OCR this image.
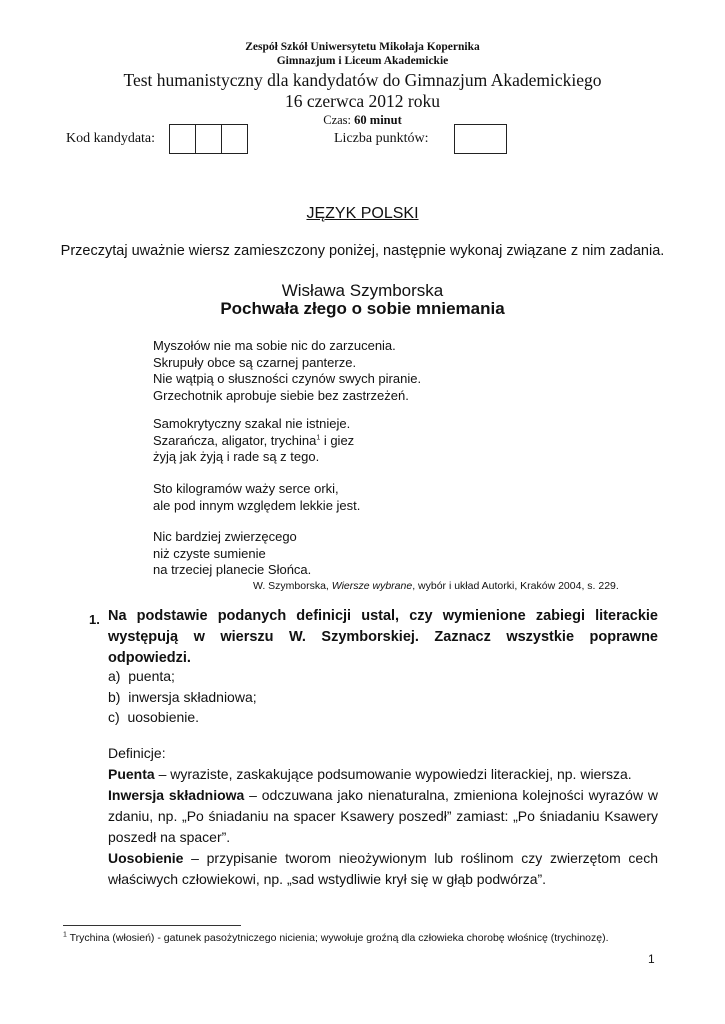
Zespół Szkół Uniwersytetu Mikołaja Kopernika
Gimnazjum i Liceum Akademickie
Test humanistyczny dla kandydatów do Gimnazjum Akademickiego
16 czerwca 2012 roku
Czas: 60 minut
Kod kandydata:	Liczba punktów:
JĘZYK POLSKI
Przeczytaj uważnie wiersz zamieszczony poniżej, następnie wykonaj związane z nim zadania.
Wisława Szymborska
Pochwała złego o sobie mniemania
Myszołów nie ma sobie nic do zarzucenia.
Skrupuły obce są czarnej panterze.
Nie wątpią o słuszności czynów swych piranie.
Grzechotnik aprobuje siebie bez zastrzeżeń.
Samokrytyczny szakal nie istnieje.
Szarańcza, aligator, trychina$^1$ i giez
żyją jak żyją i rade są z tego.
Sto kilogramów waży serce orki,
ale pod innym względem lekkie jest.
Nic bardziej zwierzęcego
niż czyste sumienie
na trzeciej planecie Słońca.
W. Szymborska, Wiersze wybrane, wybór i układ Autorki, Kraków 2004, s. 229.
1. Na podstawie podanych definicji ustal, czy wymienione zabiegi literackie występują w wierszu W. Szymborskiej. Zaznacz wszystkie poprawne odpowiedzi.
a)  puenta;
b)  inwersja składniowa;
c)  uosobienie.
Definicje:
Puenta – wyraziste, zaskakujące podsumowanie wypowiedzi literackiej, np. wiersza.
Inwersja składniowa – odczuwana jako nienaturalna, zmieniona kolejności wyrazów w zdaniu, np. „Po śniadaniu na spacer Ksawery poszedł” zamiast: „Po śniadaniu Ksawery poszedł na spacer”.
Uosobienie – przypisanie tworom nieożywionym lub roślinom czy zwierzętom cech właściwych człowiekowi, np. „sad wstydliwie krył się w głąb podwórza”.
$^1$ Trychina (włosień) - gatunek pasożytniczego nicienia; wywołuje groźną dla człowieka chorobę włośnicę (trychinozę).
1
